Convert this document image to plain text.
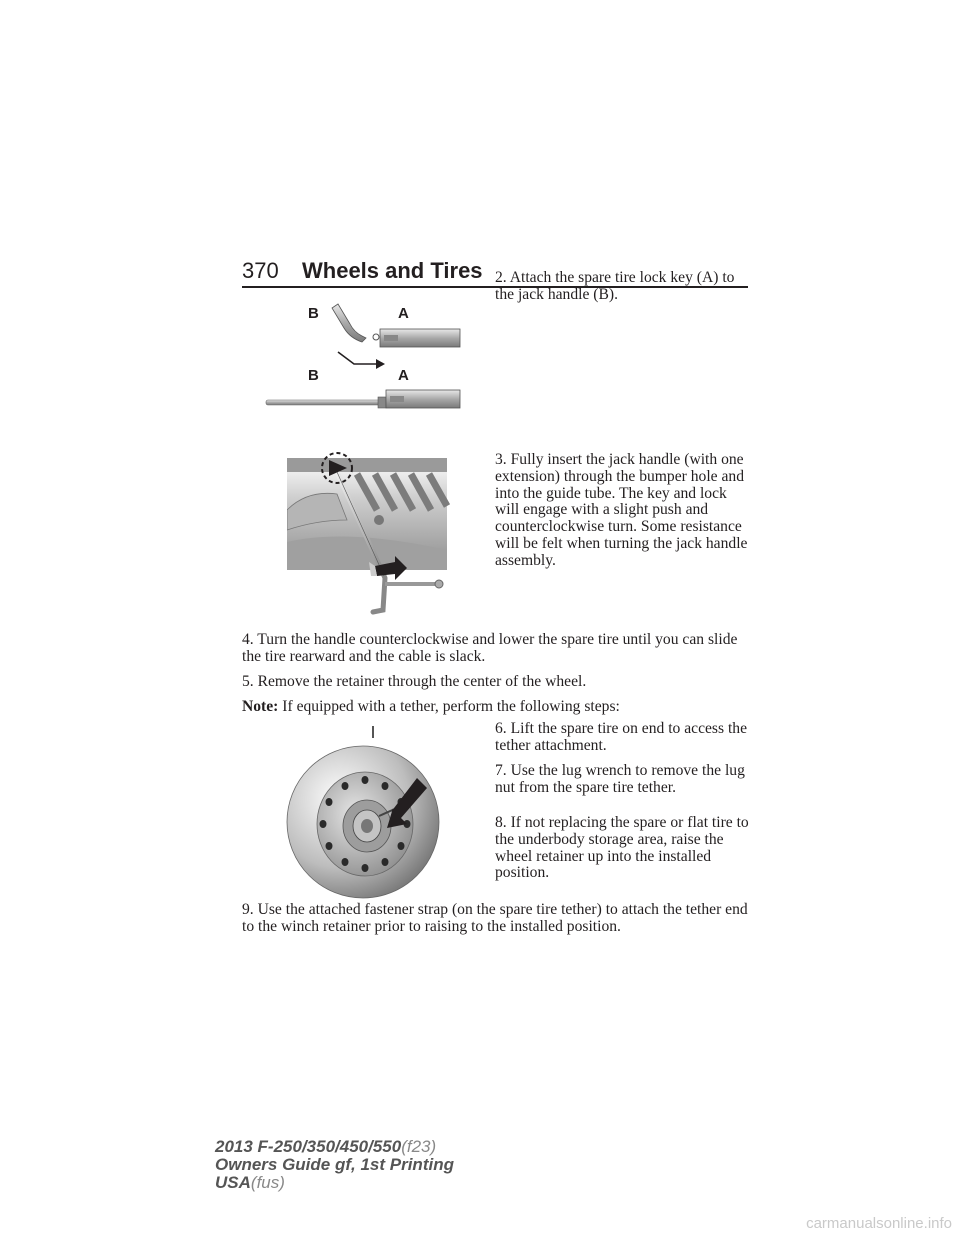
370 Wheels and Tires
B	A
B	A

2. Attach the spare tire lock key (A) to the jack handle (B).

3. Fully insert the jack handle (with one extension) through the bumper hole and into the guide tube. The key and lock will engage with a slight push and counterclockwise turn. Some resistance will be felt when turning the jack handle assembly.

4. Turn the handle counterclockwise and lower the spare tire until you can slide the tire rearward and the cable is slack.

5. Remove the retainer through the center of the wheel.

Note: If equipped with a tether, perform the following steps:

6. Lift the spare tire on end to access the tether attachment.

7. Use the lug wrench to remove the lug nut from the spare tire tether.

8. If not replacing the spare or flat tire to the underbody storage area, raise the wheel retainer up into the installed position.

9. Use the attached fastener strap (on the spare tire tether) to attach the tether end to the winch retainer prior to raising to the installed position.

2013 F-250/350/450/550(f23)
Owners Guide gf, 1st Printing
USA(fus)
carmanualsonline.info
